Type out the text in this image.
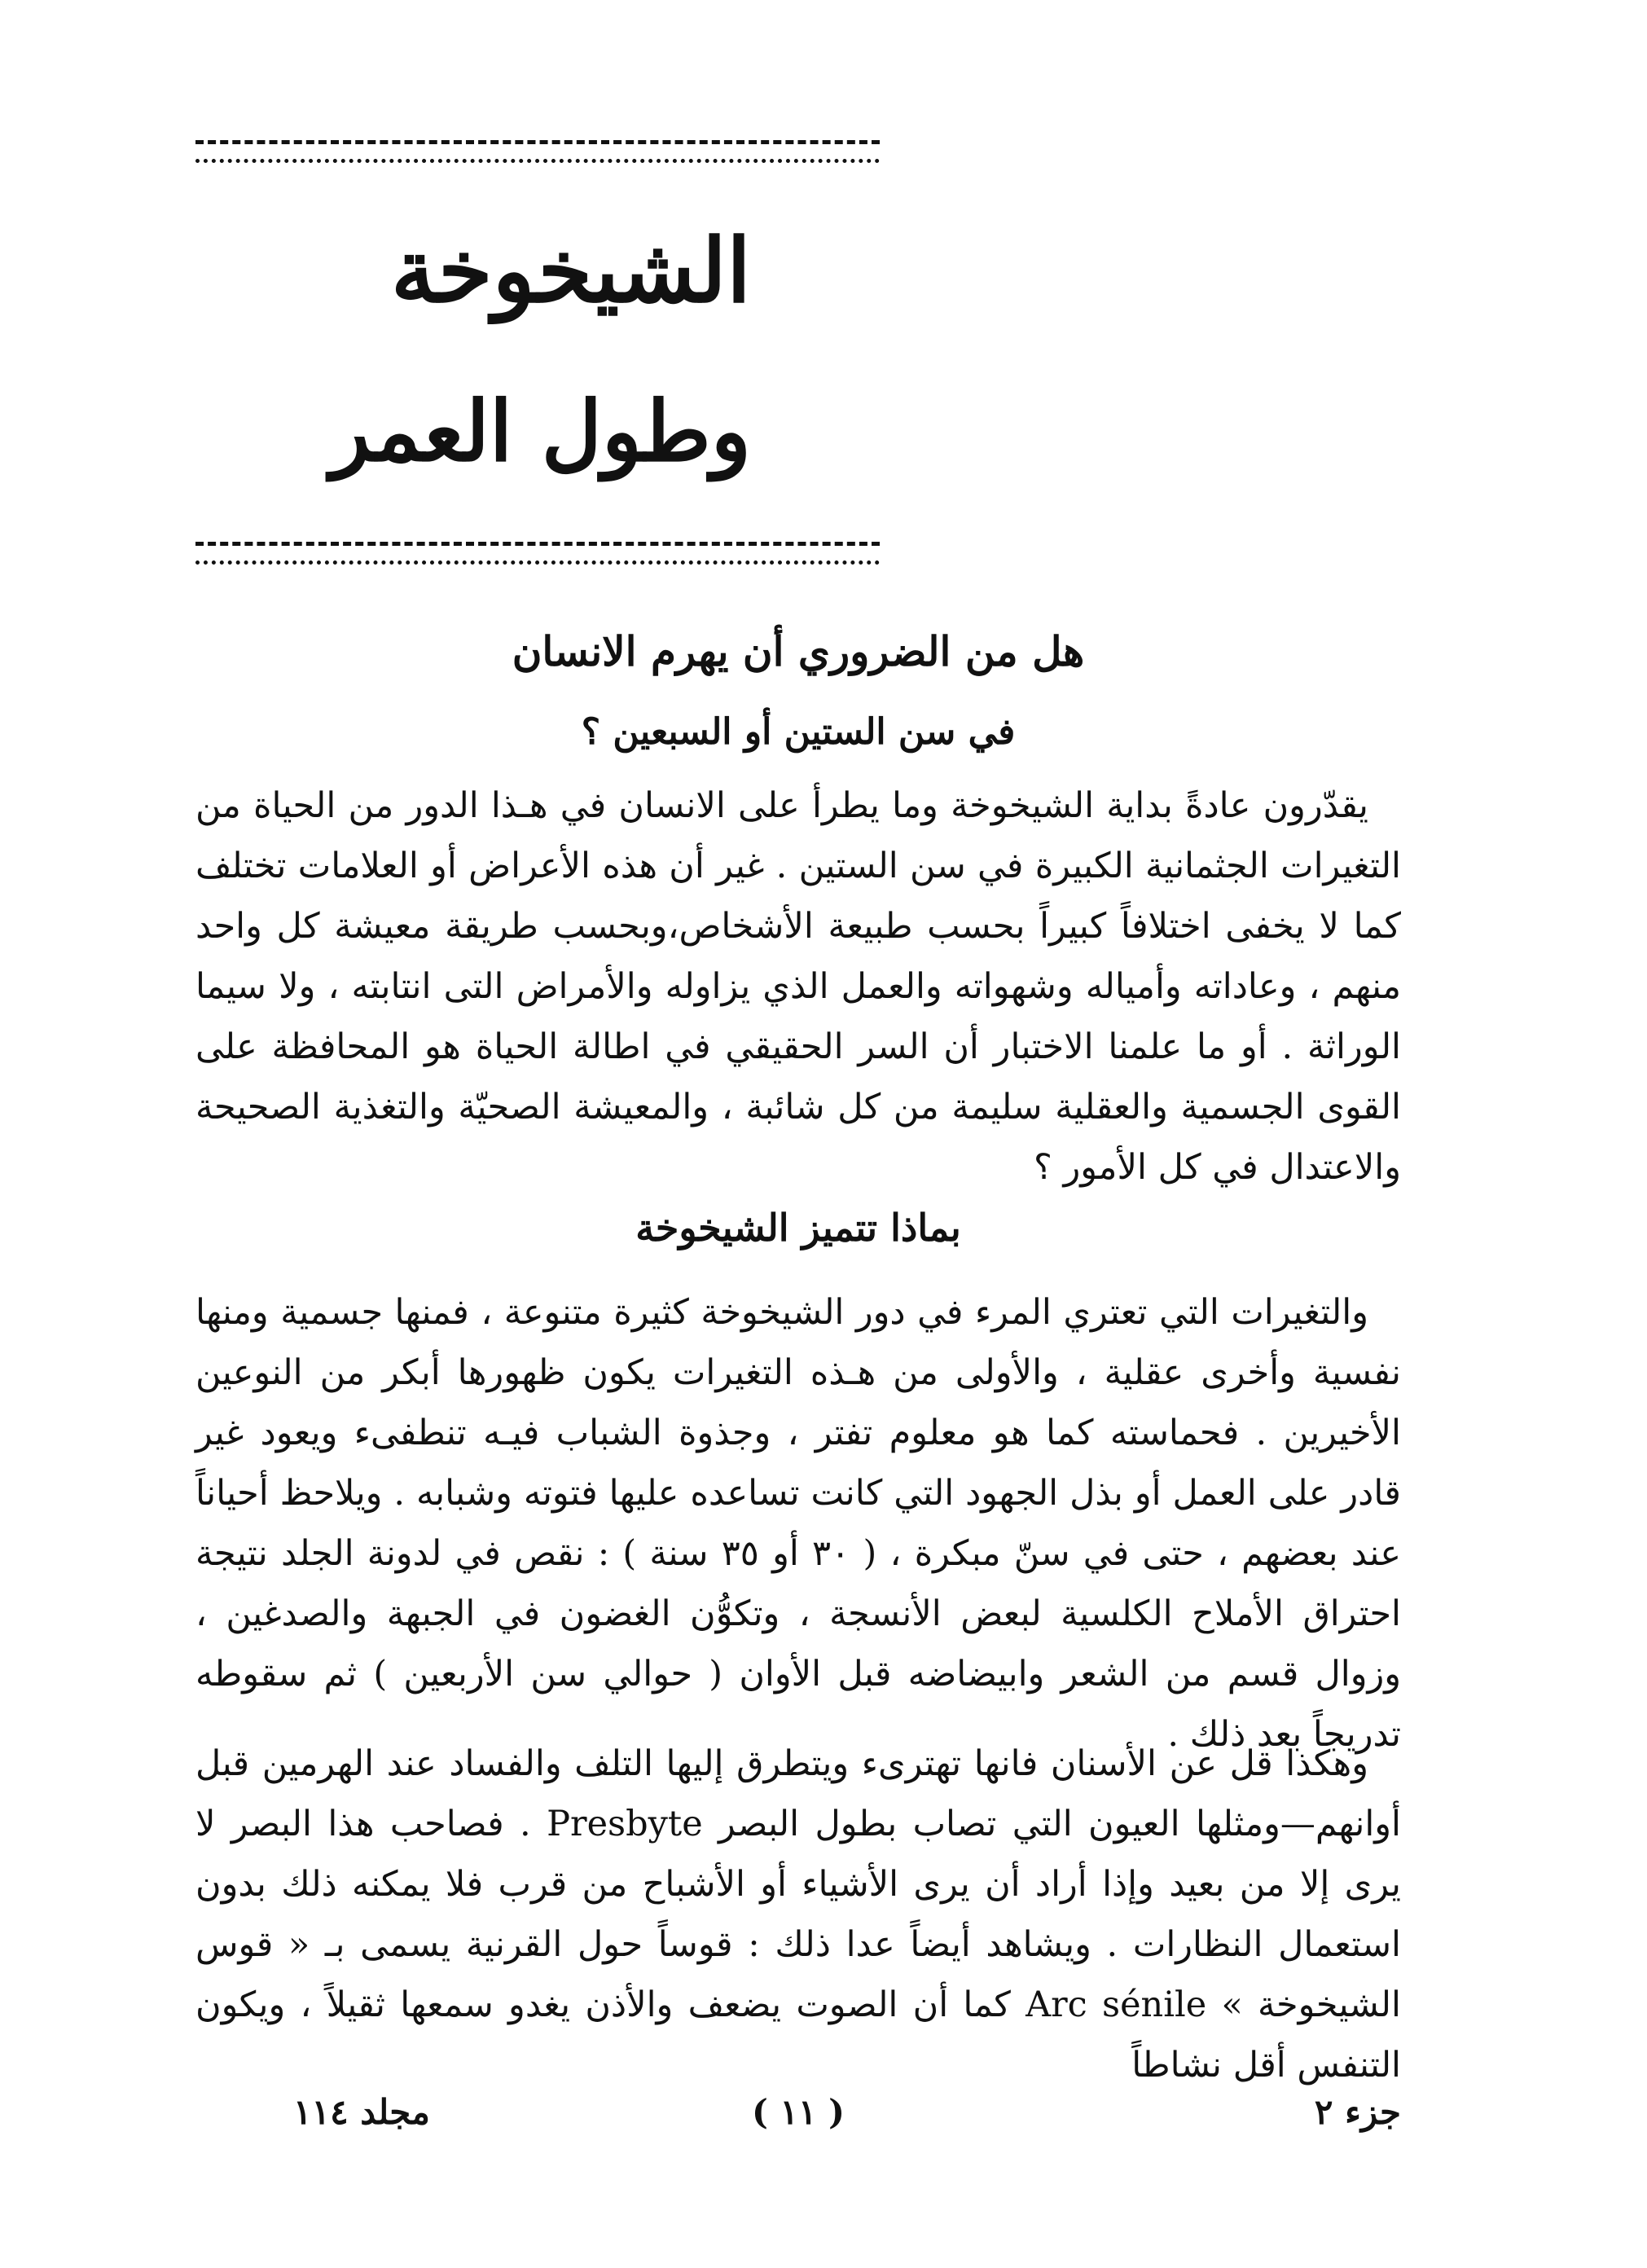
الشيخوخة
وطول العمر
هل من الضروري أن يهرم الانسان
في سن الستين أو السبعين ؟

يقدّرون عادةً بداية الشيخوخة وما يطرأ على الانسان في هـذا الدور من الحياة من التغيرات الجثمانية الكبيرة في سن الستين . غير أن هذه الأعراض أو العلامات تختلف كما لا يخفى اختلافاً كبيراً بحسب طبيعة الأشخاص،وبحسب طريقة معيشة كل واحد منهم ، وعاداته وأمياله وشهواته والعمل الذي يزاوله والأمراض التى انتابته ، ولا سيما الوراثة . أو ما علمنا الاختبار أن السر الحقيقي في اطالة الحياة هو المحافظة على القوى الجسمية والعقلية سليمة من كل شائبة ، والمعيشة الصحيّة والتغذية الصحيحة والاعتدال في كل الأمور ؟

بماذا تتميز الشيخوخة

والتغيرات التي تعتري المرء في دور الشيخوخة كثيرة متنوعة ، فمنها جسمية ومنها نفسية وأخرى عقلية ، والأولى من هـذه التغيرات يكون ظهورها أبكر من النوعين الأخيرين . فحماسته كما هو معلوم تفتر ، وجذوة الشباب فيـه تنطفىء ويعود غير قادر على العمل أو بذل الجهود التي كانت تساعده عليها فتوته وشبابه . ويلاحظ أحياناً عند بعضهم ، حتى في سنّ مبكرة ، ( ٣٠ أو ٣٥ سنة ) : نقص في لدونة الجلد نتيجة احتراق الأملاح الكلسية لبعض الأنسجة ، وتكوُّن الغضون في الجبهة والصدغين ، وزوال قسم من الشعر وابيضاضه قبل الأوان ( حوالي سن الأربعين ) ثم سقوطه تدريجاً بعد ذلك .

وهكذا قل عن الأسنان فانها تهترىء ويتطرق إليها التلف والفساد عند الهرمين قبل أوانهم—ومثلها العيون التي تصاب بطول البصر Presbyte . فصاحب هذا البصر لا يرى إلا من بعيد وإذا أراد أن يرى الأشياء أو الأشباح من قرب فلا يمكنه ذلك بدون استعمال النظارات . ويشاهد أيضاً عدا ذلك : قوساً حول القرنية يسمى بـ « قوس الشيخوخة » Arc sénile كما أن الصوت يضعف والأذن يغدو سمعها ثقيلاً ، ويكون التنفس أقل نشاطاً

جزء ٢
( ١١ )
مجلد ١١٤
